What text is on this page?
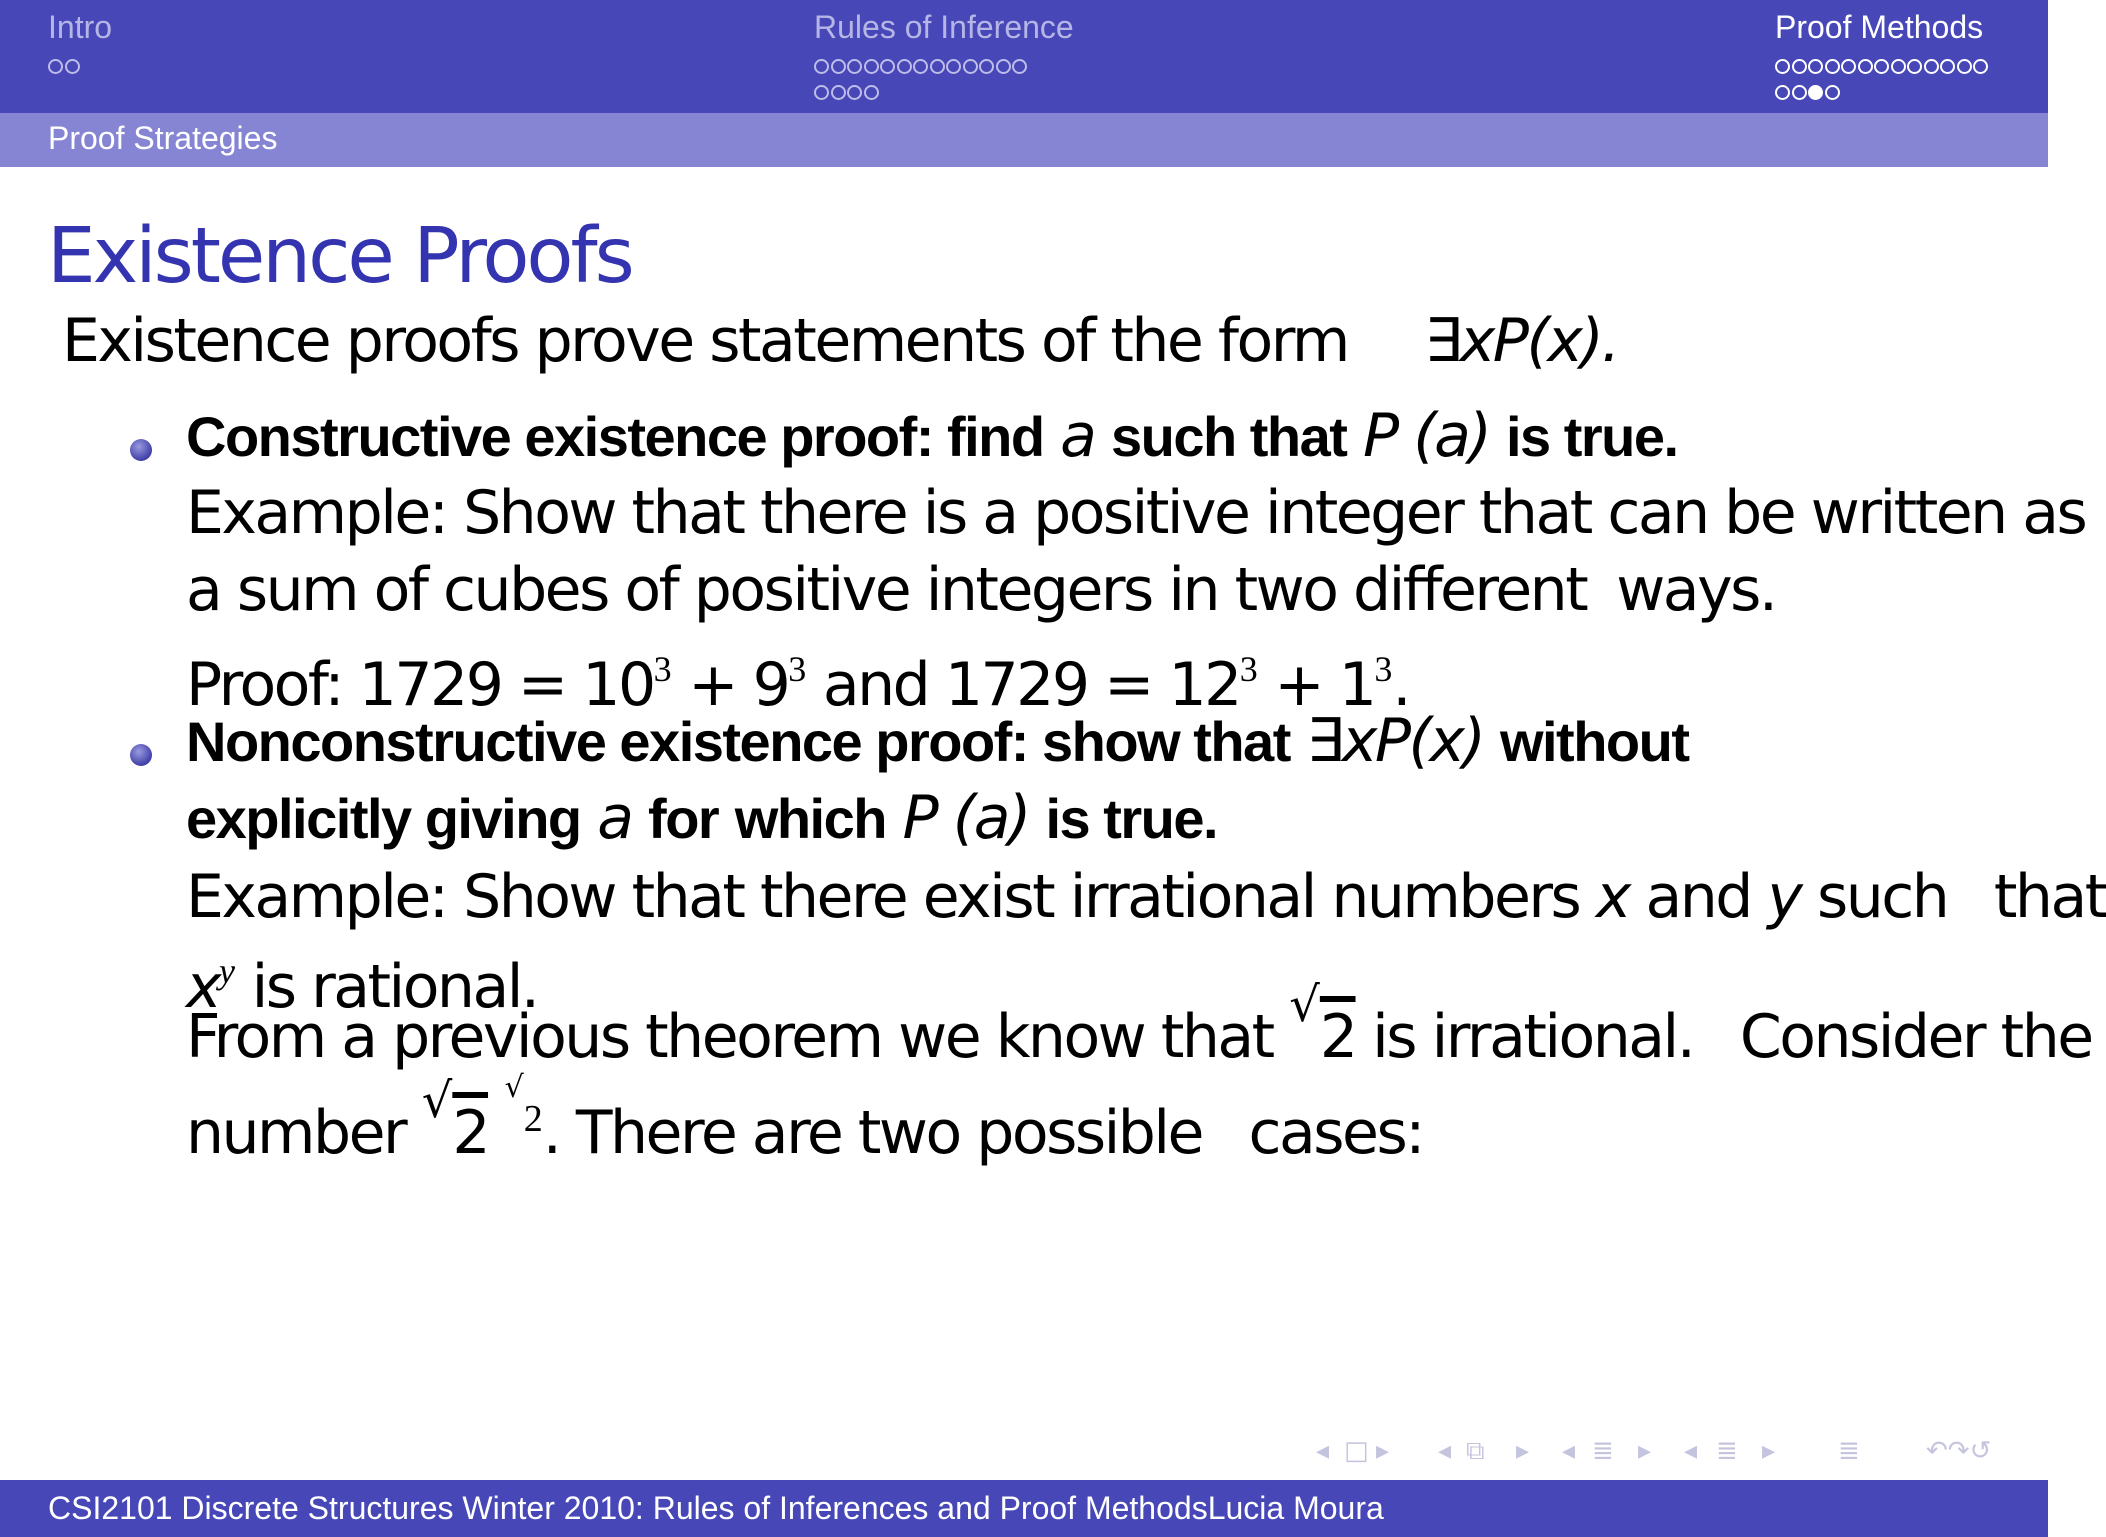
Intro	Rules of Inference	Proof Methods
Proof Strategies
Existence Proofs
Existence proofs prove statements of the form ∃xP(x).
Constructive existence proof: find a such that P (a) is true.
Example: Show that there is a positive integer that can be written as
a sum of cubes of positive integers in two different ways.
Proof: $1729 = 10^3 + 9^3$ and $1729 = 12^3 + 1^3$.
Nonconstructive existence proof: show that ∃xP(x) without
explicitly giving a for which P (a) is true.
Example: Show that there exist irrational numbers x and y such that
$x^y$ is rational.
From a previous theorem we know that √2 is irrational. Consider the
number √2 $^{√2}$. There are two possible cases:
◂ □ ▸ ◂ ⧉ ▸ ◂ ≣ ▸ ◂ ≣ ▸ ≣	↶↷↺
CSI2101 Discrete Structures Winter 2010: Rules of Inferences and Proof MethodsLucia Moura
